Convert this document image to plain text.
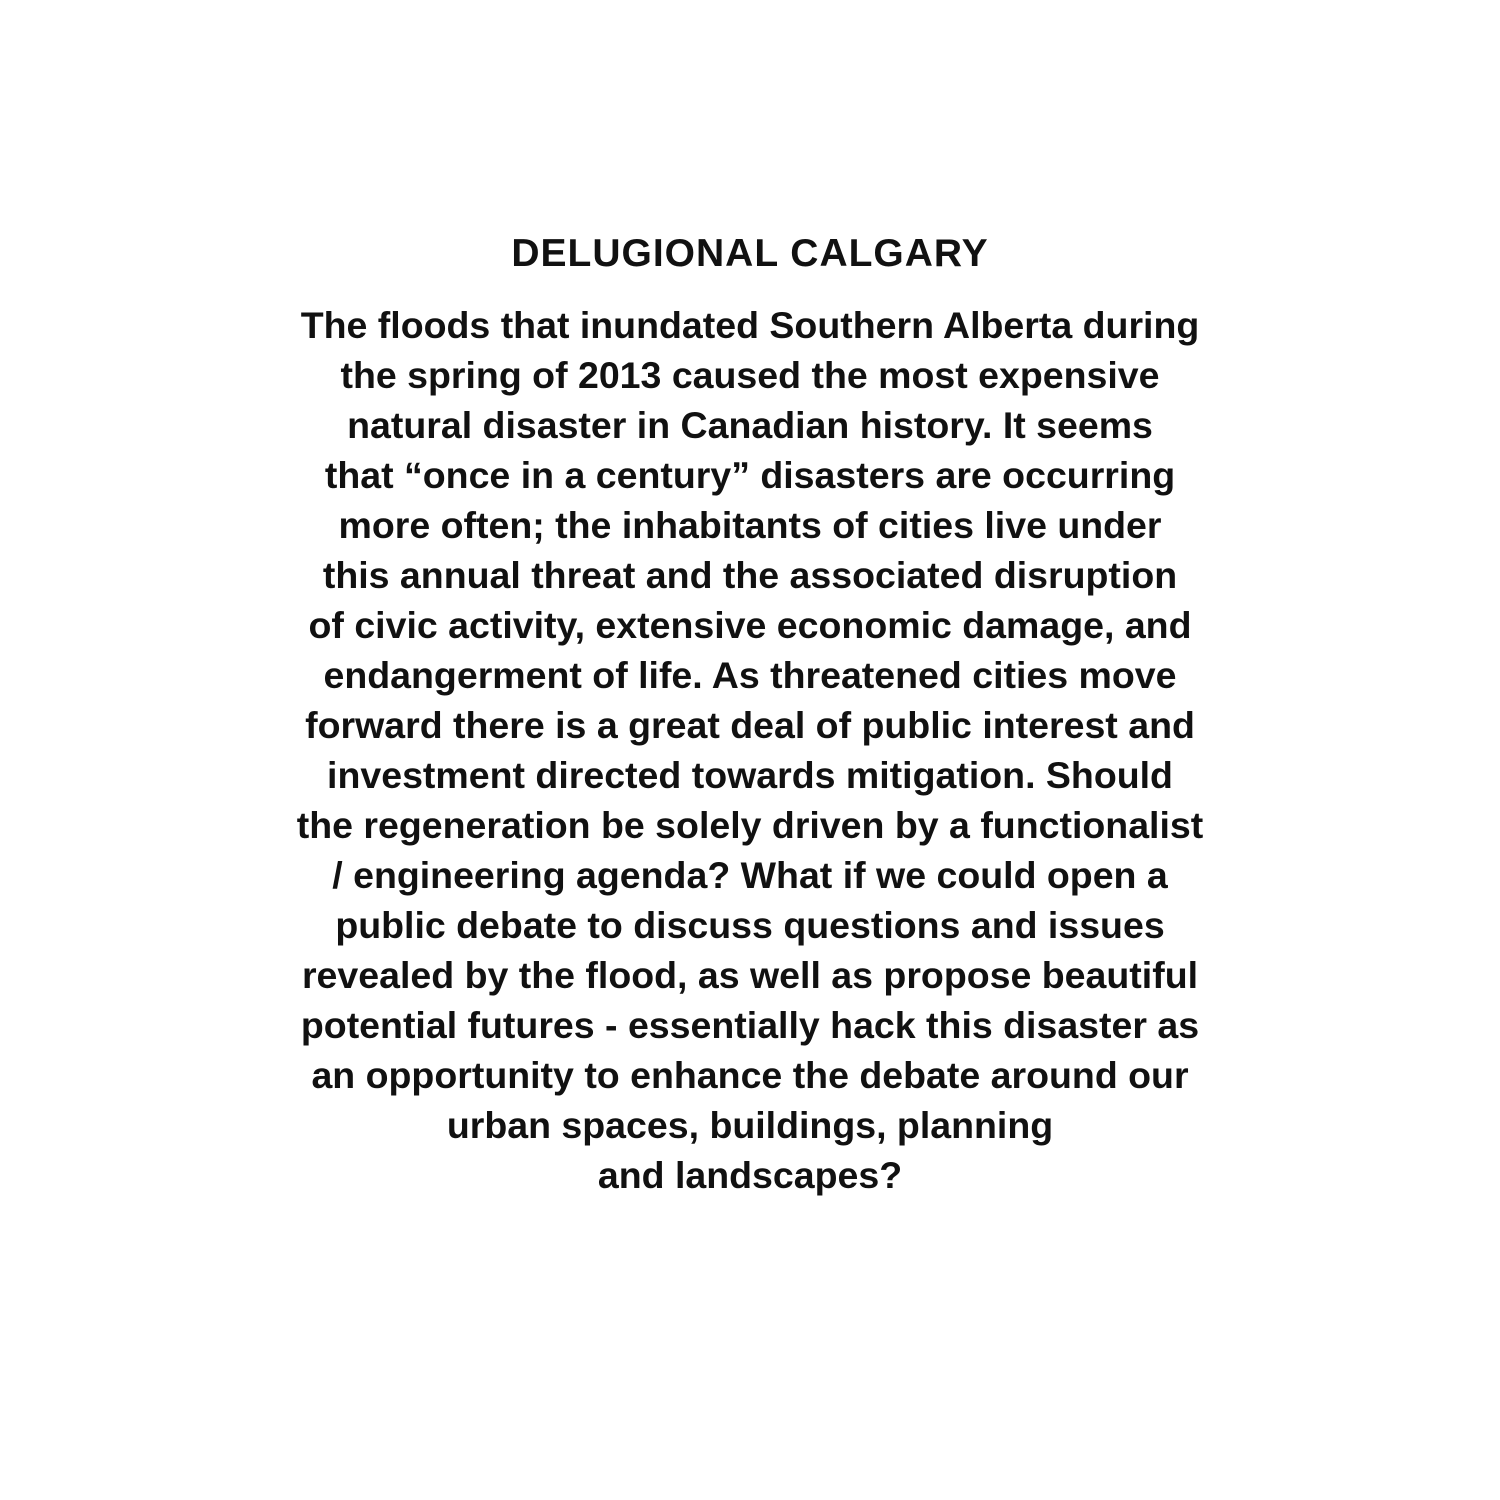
DELUGIONAL CALGARY

The floods that inundated Southern Alberta during
the spring of 2013 caused the most expensive
natural disaster in Canadian history. It seems
that “once in a century” disasters are occurring
more often; the inhabitants of cities live under
this annual threat and the associated disruption
of civic activity, extensive economic damage, and
endangerment of life. As threatened cities move
forward there is a great deal of public interest and
investment directed towards mitigation. Should
the regeneration be solely driven by a functionalist
/ engineering agenda? What if we could open a
public debate to discuss questions and issues
revealed by the flood, as well as propose beautiful
potential futures - essentially hack this disaster as
an opportunity to enhance the debate around our
urban spaces, buildings, planning
and landscapes?
